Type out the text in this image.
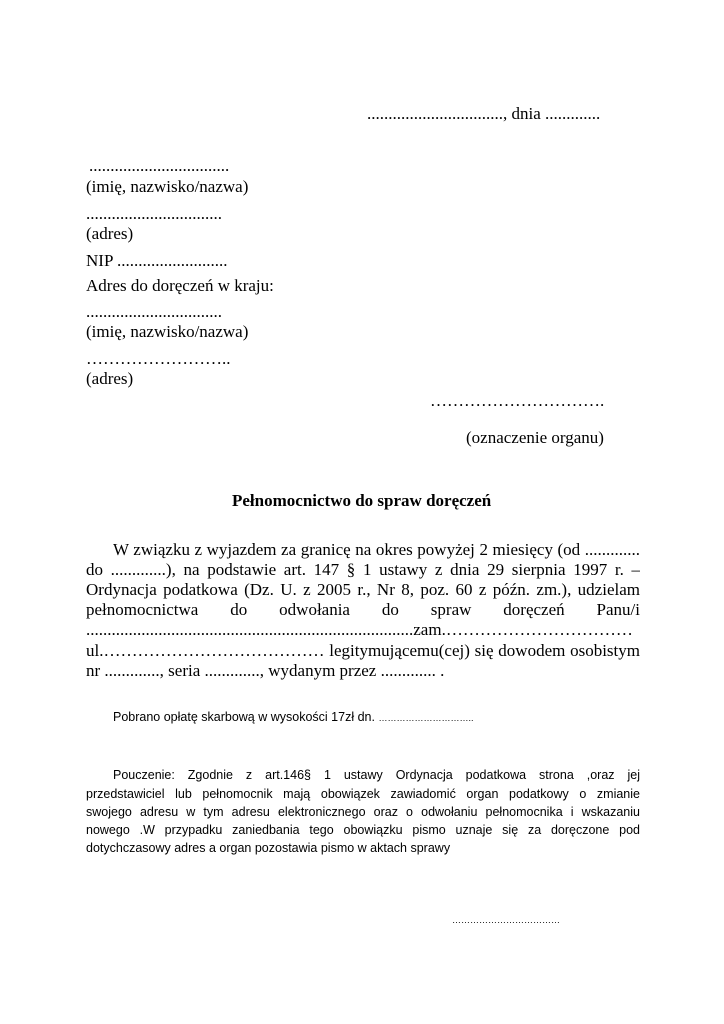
................................, dnia .............
.................................
(imię, nazwisko/nazwa)
................................
(adres)
NIP ..........................
Adres do doręczeń w kraju:
................................
(imię, nazwisko/nazwa)
……………………..
(adres)
………………………….
(oznaczenie organu)
Pełnomocnictwo do spraw doręczeń
W związku z wyjazdem za granicę na okres powyżej 2 miesięcy (od .............
do .............), na podstawie art. 147 § 1 ustawy z dnia 29 sierpnia 1997 r. –
Ordynacja podatkowa (Dz. U. z 2005 r., Nr 8, poz. 60 z późn. zm.), udzielam
pełnomocnictwa do odwołania do spraw doręczeń Panu/i
.............................................................................zam.……………………………
ul.………………………………… legitymującemu(cej) się dowodem osobistym
nr ............., seria ............., wydanym przez ............. .
Pobrano opłatę skarbową w wysokości 17zł dn. …………………………..
Pouczenie: Zgodnie z art.146§ 1 ustawy Ordynacja podatkowa strona ,oraz jej
przedstawiciel lub pełnomocnik mają obowiązek zawiadomić organ podatkowy o zmianie
swojego adresu w tym adresu elektronicznego oraz o odwołaniu pełnomocnika i wskazaniu
nowego .W przypadku zaniedbania tego obowiązku pismo uznaje się za doręczone pod
dotychczasowy adres a organ pozostawia pismo w aktach sprawy
………………………………
